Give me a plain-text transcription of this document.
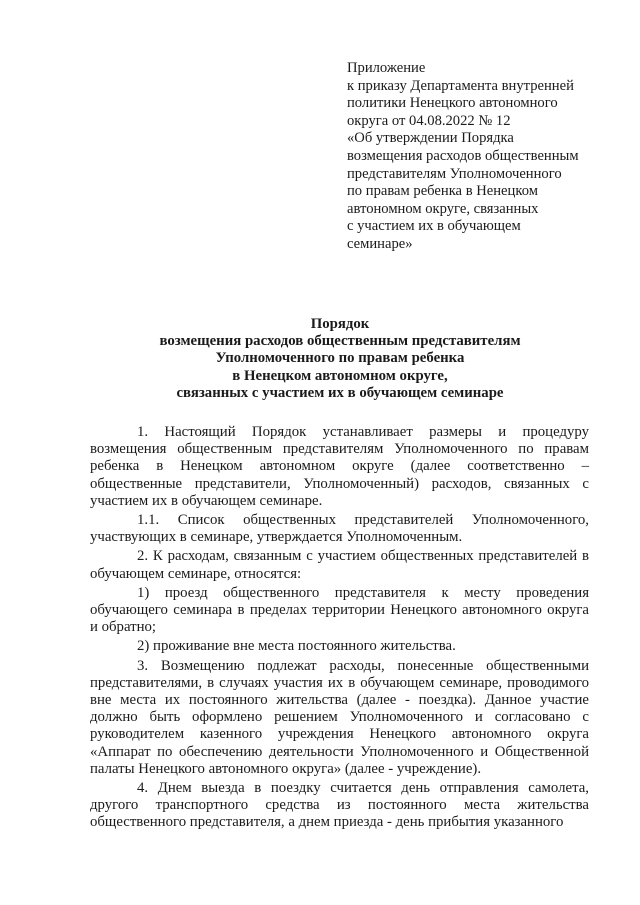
Приложение
к приказу Департамента внутренней
политики Ненецкого автономного
округа от 04.08.2022 № 12
«Об утверждении Порядка
возмещения расходов общественным
представителям Уполномоченного
по правам ребенка в Ненецком
автономном округе, связанных
с участием их в обучающем
семинаре»
Порядок
возмещения расходов общественным представителям
Уполномоченного по правам ребенка
в Ненецком автономном округе,
связанных с участием их в обучающем семинаре

1. Настоящий Порядок устанавливает размеры и процедуру возмещения общественным представителям Уполномоченного по правам ребенка в Ненецком автономном округе (далее соответственно – общественные представители, Уполномоченный) расходов, связанных с участием их в обучающем семинаре.

1.1. Список общественных представителей Уполномоченного, участвующих в семинаре, утверждается Уполномоченным.

2. К расходам, связанным с участием общественных представителей в обучающем семинаре, относятся:

1) проезд общественного представителя к месту проведения обучающего семинара в пределах территории Ненецкого автономного округа и обратно;

2) проживание вне места постоянного жительства.

3. Возмещению подлежат расходы, понесенные общественными представителями, в случаях участия их в обучающем семинаре, проводимого вне места их постоянного жительства (далее - поездка). Данное участие должно быть оформлено решением Уполномоченного и согласовано с руководителем казенного учреждения Ненецкого автономного округа «Аппарат по обеспечению деятельности Уполномоченного и Общественной палаты Ненецкого автономного округа» (далее - учреждение).

4. Днем выезда в поездку считается день отправления самолета, другого транспортного средства из постоянного места жительства общественного представителя, а днем приезда - день прибытия указанного
